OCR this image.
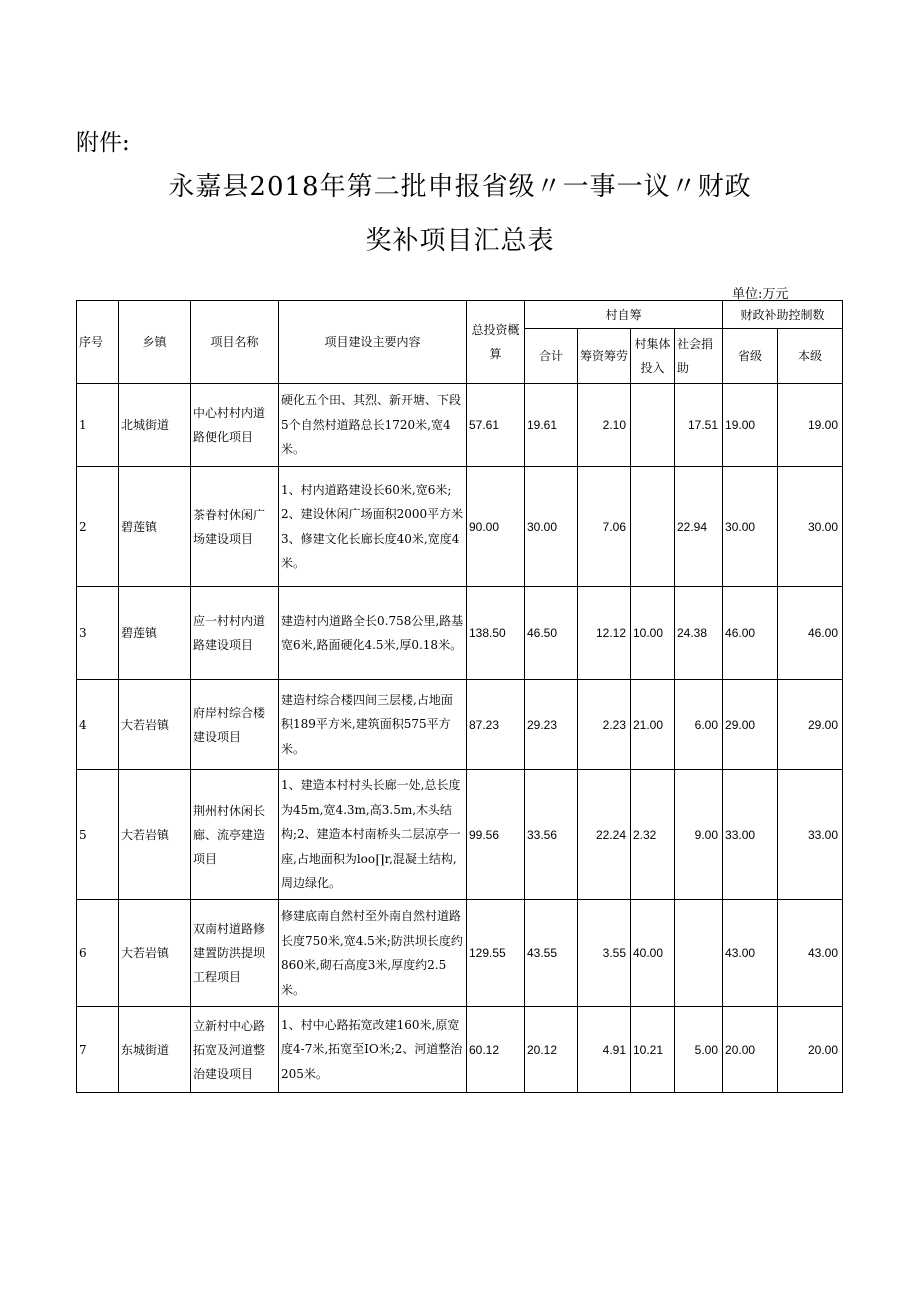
附件:
永嘉县2018年第二批申报省级〃一事一议〃财政
奖补项目汇总表
单位:万元
序号	乡镇	项目名称	项目建设主要内容	总投资概算	村自筹				财政补助控制数	
					合计	筹资筹劳	村集体投入	社会捐助	省级	本级
1	北城街道	中心村村内道路便化项目	硬化五个田、其烈、新开塘、下段5个自然村道路总长1720米,宽4米。	57.61	19.61	2.10		17.51	19.00	19.00
2	碧莲镇	茶眷村休闲广场建设项目	1、村内道路建设长60米,宽6米;2、建设休闲广场面积2000平方米3、修建文化长廊长度40米,宽度4米。	90.00	30.00	7.06		22.94	30.00	30.00
3	碧莲镇	应一村村内道路建设项目	建造村内道路全长0.758公里,路基宽6米,路面硬化4.5米,厚0.18米。	138.50	46.50	12.12	10.00	24.38	46.00	46.00
4	大若岩镇	府岸村综合楼建设项目	建造村综合楼四间三层楼,占地面积189平方米,建筑面积575平方米。	87.23	29.23	2.23	21.00	6.00	29.00	29.00
5	大若岩镇	荆州村休闲长廊、流亭建造项目	1、建造本村村头长廊一处,总长度为45m,宽4.3m,高3.5m,木头结构;2、建造本村南桥头二层凉亭一座,占地面积为loo∏r,混凝土结构,周边绿化。	99.56	33.56	22.24	2.32	9.00	33.00	33.00
6	大若岩镇	双南村道路修建置防洪提坝工程项目	修建底南自然村至外南自然村道路长度750米,宽4.5米;防洪坝长度约860米,砌石高度3米,厚度约2.5米。	129.55	43.55	3.55	40.00		43.00	43.00
7	东城街道	立新村中心路拓宽及河道整治建设项目	1、村中心路拓宽改建160米,原宽度4-7米,拓宽至IO米;2、河道整治205米。	60.12	20.12	4.91	10.21	5.00	20.00	20.00
